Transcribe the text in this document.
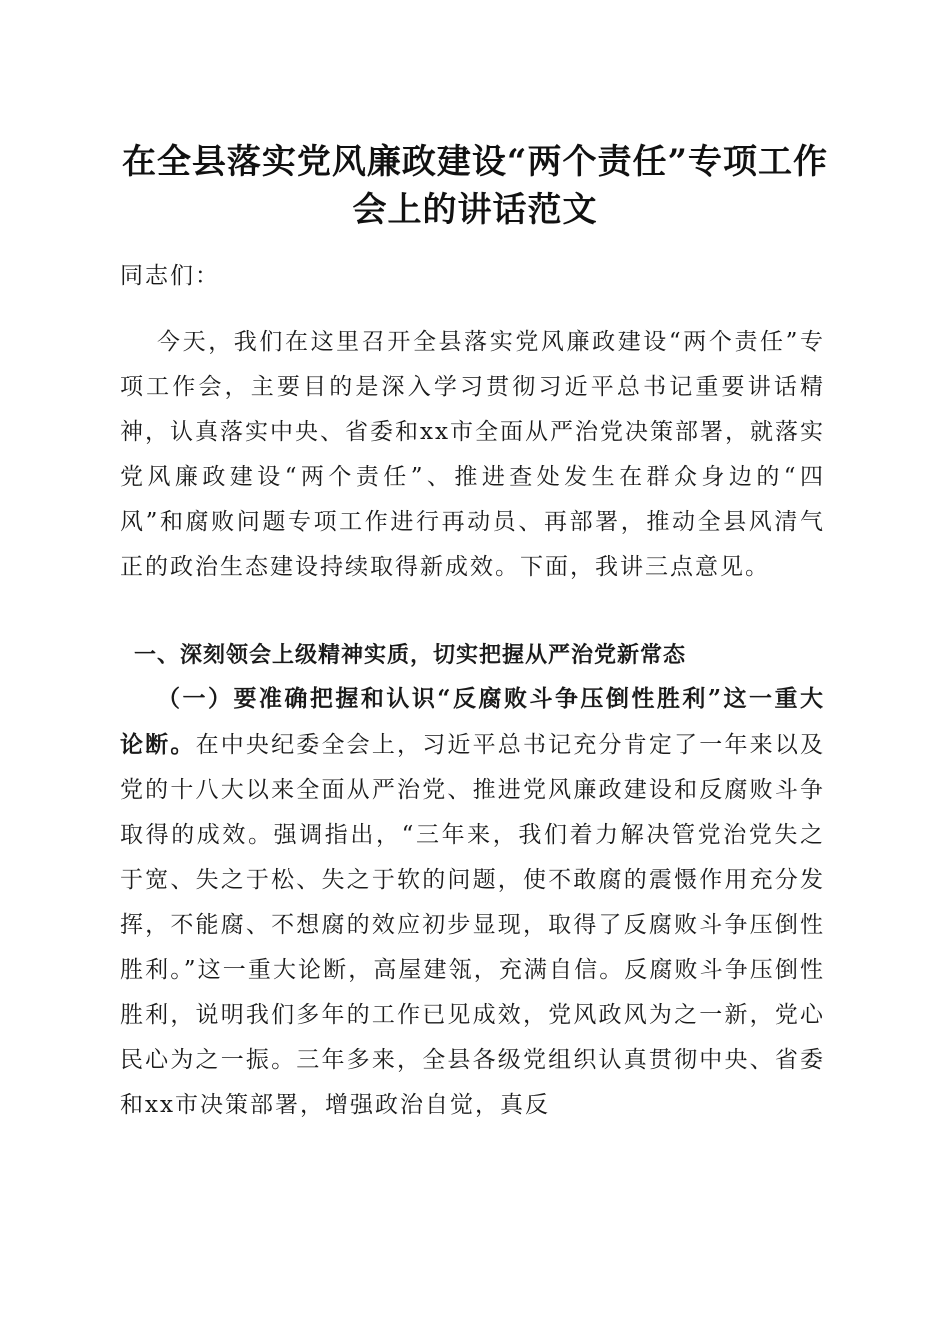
在全县落实党风廉政建设“两个责任”专项工作会上的讲话范文

同志们：

今天，我们在这里召开全县落实党风廉政建设“两个责任”专项工作会，主要目的是深入学习贯彻习近平总书记重要讲话精神，认真落实中央、省委和xx市全面从严治党决策部署，就落实党风廉政建设“两个责任”、推进查处发生在群众身边的“四风”和腐败问题专项工作进行再动员、再部署，推动全县风清气正的政治生态建设持续取得新成效。下面，我讲三点意见。

一、深刻领会上级精神实质，切实把握从严治党新常态

（一）要准确把握和认识“反腐败斗争压倒性胜利”这一重大论断。在中央纪委全会上，习近平总书记充分肯定了一年来以及党的十八大以来全面从严治党、推进党风廉政建设和反腐败斗争取得的成效。强调指出，“三年来，我们着力解决管党治党失之于宽、失之于松、失之于软的问题，使不敢腐的震慑作用充分发挥，不能腐、不想腐的效应初步显现，取得了反腐败斗争压倒性胜利。”这一重大论断，高屋建瓴，充满自信。反腐败斗争压倒性胜利，说明我们多年的工作已见成效，党风政风为之一新，党心民心为之一振。三年多来，全县各级党组织认真贯彻中央、省委和xx市决策部署，增强政治自觉，真反
